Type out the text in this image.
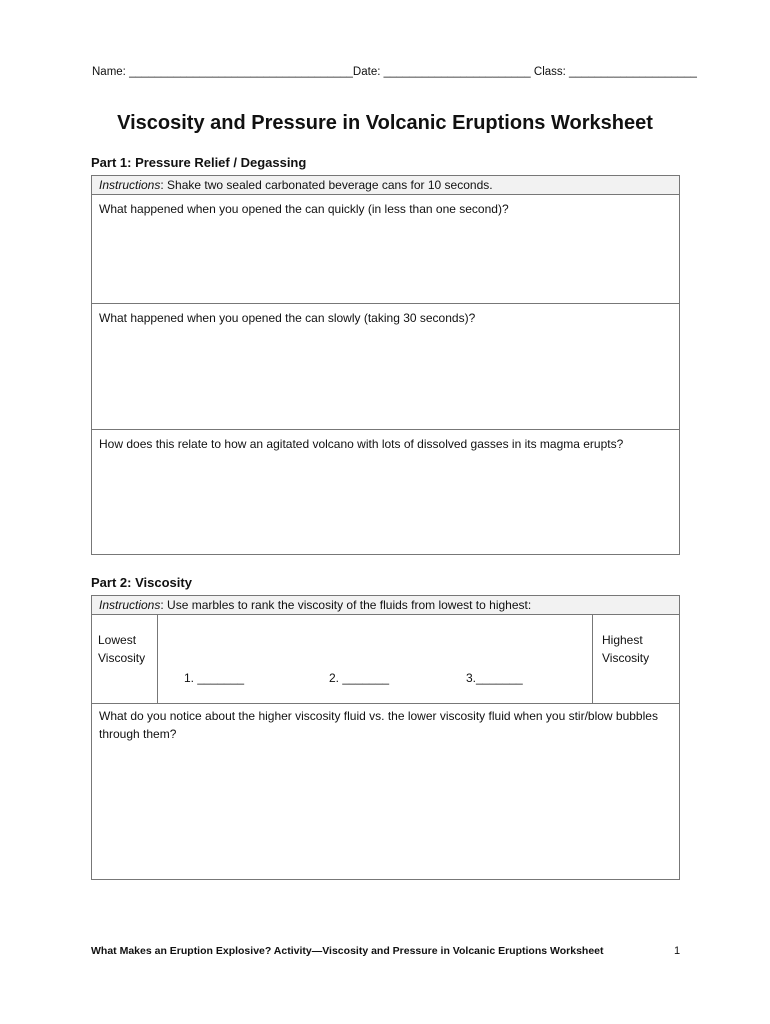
Name: ___________________________________Date: _______________________ Class: ____________________
Viscosity and Pressure in Volcanic Eruptions Worksheet
Part 1: Pressure Relief / Degassing
Instructions: Shake two sealed carbonated beverage cans for 10 seconds.
What happened when you opened the can quickly (in less than one second)?
What happened when you opened the can slowly (taking 30 seconds)?
How does this relate to how an agitated volcano with lots of dissolved gasses in its magma erupts?
Part 2: Viscosity
Instructions: Use marbles to rank the viscosity of the fluids from lowest to highest:
Lowest
Viscosity
1. _______	2. _______	3._______
Highest
Viscosity
What do you notice about the higher viscosity fluid vs. the lower viscosity fluid when you stir/blow bubbles through them?
What Makes an Eruption Explosive? Activity—Viscosity and Pressure in Volcanic Eruptions Worksheet	1
